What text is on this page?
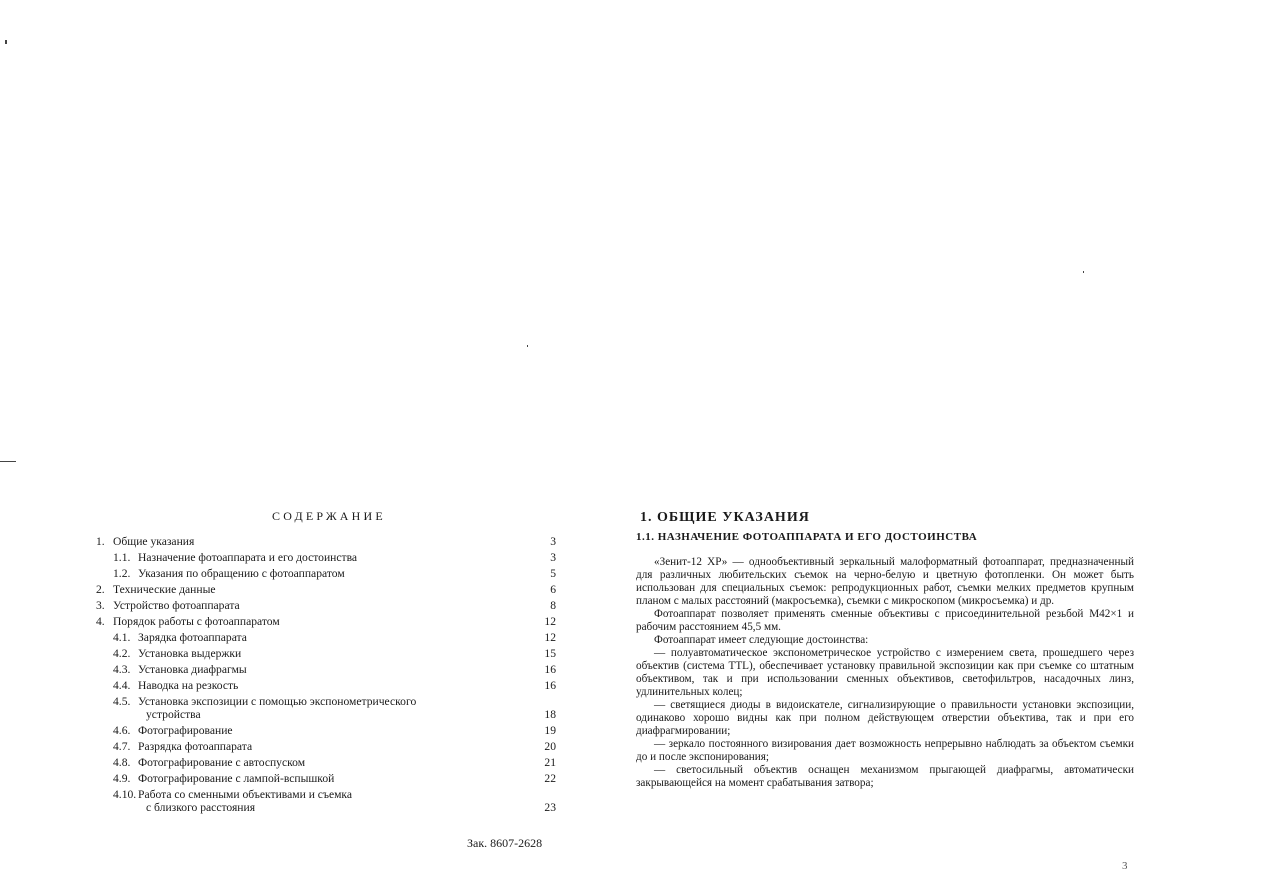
СОДЕРЖАНИЕ
1. Общие указания	3
1.1. Назначение фотоаппарата и его достоинства	3
1.2. Указания по обращению с фотоаппаратом	5
2. Технические данные	6
3. Устройство фотоаппарата	8
4. Порядок работы с фотоаппаратом	12
4.1. Зарядка фотоаппарата	12
4.2. Установка выдержки	15
4.3. Установка диафрагмы	16
4.4. Наводка на резкость	16
4.5. Установка экспозиции с помощью экспонометрического
устройства	18
4.6. Фотографирование	19
4.7. Разрядка фотоаппарата	20
4.8. Фотографирование с автоспуском	21
4.9. Фотографирование с лампой-вспышкой	22
4.10. Работа со сменными объективами и съемка
с близкого расстояния	23
Зак. 8607-2628
1. ОБЩИЕ УКАЗАНИЯ
1.1. НАЗНАЧЕНИЕ ФОТОАППАРАТА И ЕГО ДОСТОИНСТВА

«Зенит-12 ХР» — однообъективный зеркальный малоформатный фотоаппарат, предназначенный для различных любительских съемок на черно-белую и цветную фотопленки. Он может быть использован для специальных съемок: репродукционных работ, съемки мелких предметов крупным планом с малых расстояний (макросъемка), съемки с микроскопом (микросъемка) и др.

Фотоаппарат позволяет применять сменные объективы с присоединительной резьбой М42×1 и рабочим расстоянием 45,5 мм.

Фотоаппарат имеет следующие достоинства:

— полуавтоматическое экспонометрическое устройство с измерением света, прошедшего через объектив (система TTL), обеспечивает установку правильной экспозиции как при съемке со штатным объективом, так и при использовании сменных объективов, светофильтров, насадочных линз, удлинительных колец;

— светящиеся диоды в видоискателе, сигнализирующие о правильности установки экспозиции, одинаково хорошо видны как при полном действующем отверстии объектива, так и при его диафрагмировании;

— зеркало постоянного визирования дает возможность непрерывно наблюдать за объектом съемки до и после экспонирования;

— светосильный объектив оснащен механизмом прыгающей диафрагмы, автоматически закрывающейся на момент срабатывания затвора;

3
